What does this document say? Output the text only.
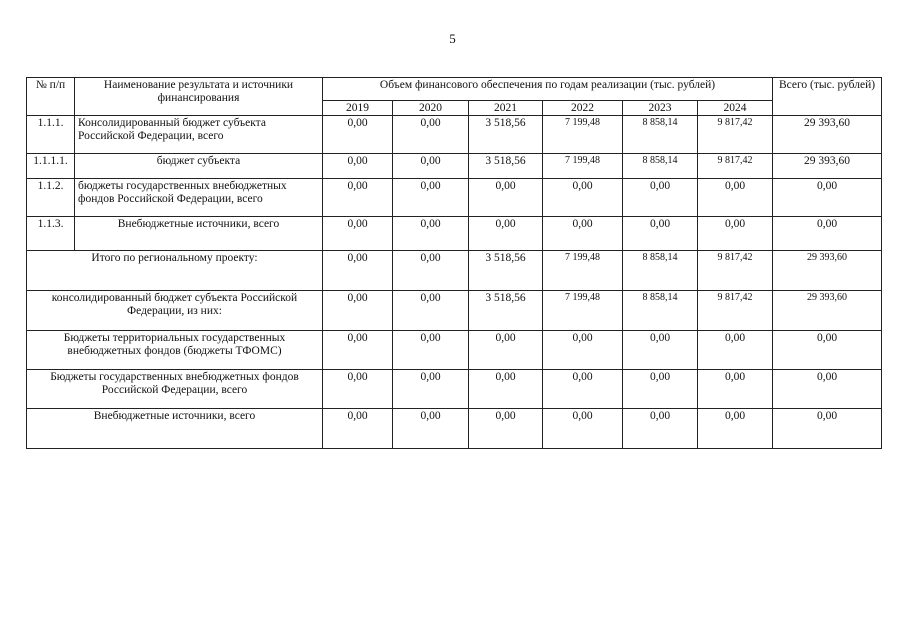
5
№ п/п	Наименование результата и источники финансирования	Объем финансового обеспечения по годам реализации (тыс. рублей)						Всего (тыс. рублей)
		2019	2020	2021	2022	2023	2024	
1.1.1.	Консолидированный бюджет субъекта Российской Федерации, всего	0,00	0,00	3 518,56	7 199,48	8 858,14	9 817,42	29 393,60
1.1.1.1.	бюджет субъекта	0,00	0,00	3 518,56	7 199,48	8 858,14	9 817,42	29 393,60
1.1.2.	бюджеты государственных внебюджетных фондов Российской Федерации, всего	0,00	0,00	0,00	0,00	0,00	0,00	0,00
1.1.3.	Внебюджетные источники, всего	0,00	0,00	0,00	0,00	0,00	0,00	0,00
Итого по региональному проекту:		0,00	0,00	3 518,56	7 199,48	8 858,14	9 817,42	29 393,60
консолидированный бюджет субъекта Российской Федерации, из них:		0,00	0,00	3 518,56	7 199,48	8 858,14	9 817,42	29 393,60
Бюджеты территориальных государственных внебюджетных фондов (бюджеты ТФОМС)		0,00	0,00	0,00	0,00	0,00	0,00	0,00
Бюджеты государственных внебюджетных фондов Российской Федерации, всего		0,00	0,00	0,00	0,00	0,00	0,00	0,00
Внебюджетные источники, всего		0,00	0,00	0,00	0,00	0,00	0,00	0,00
